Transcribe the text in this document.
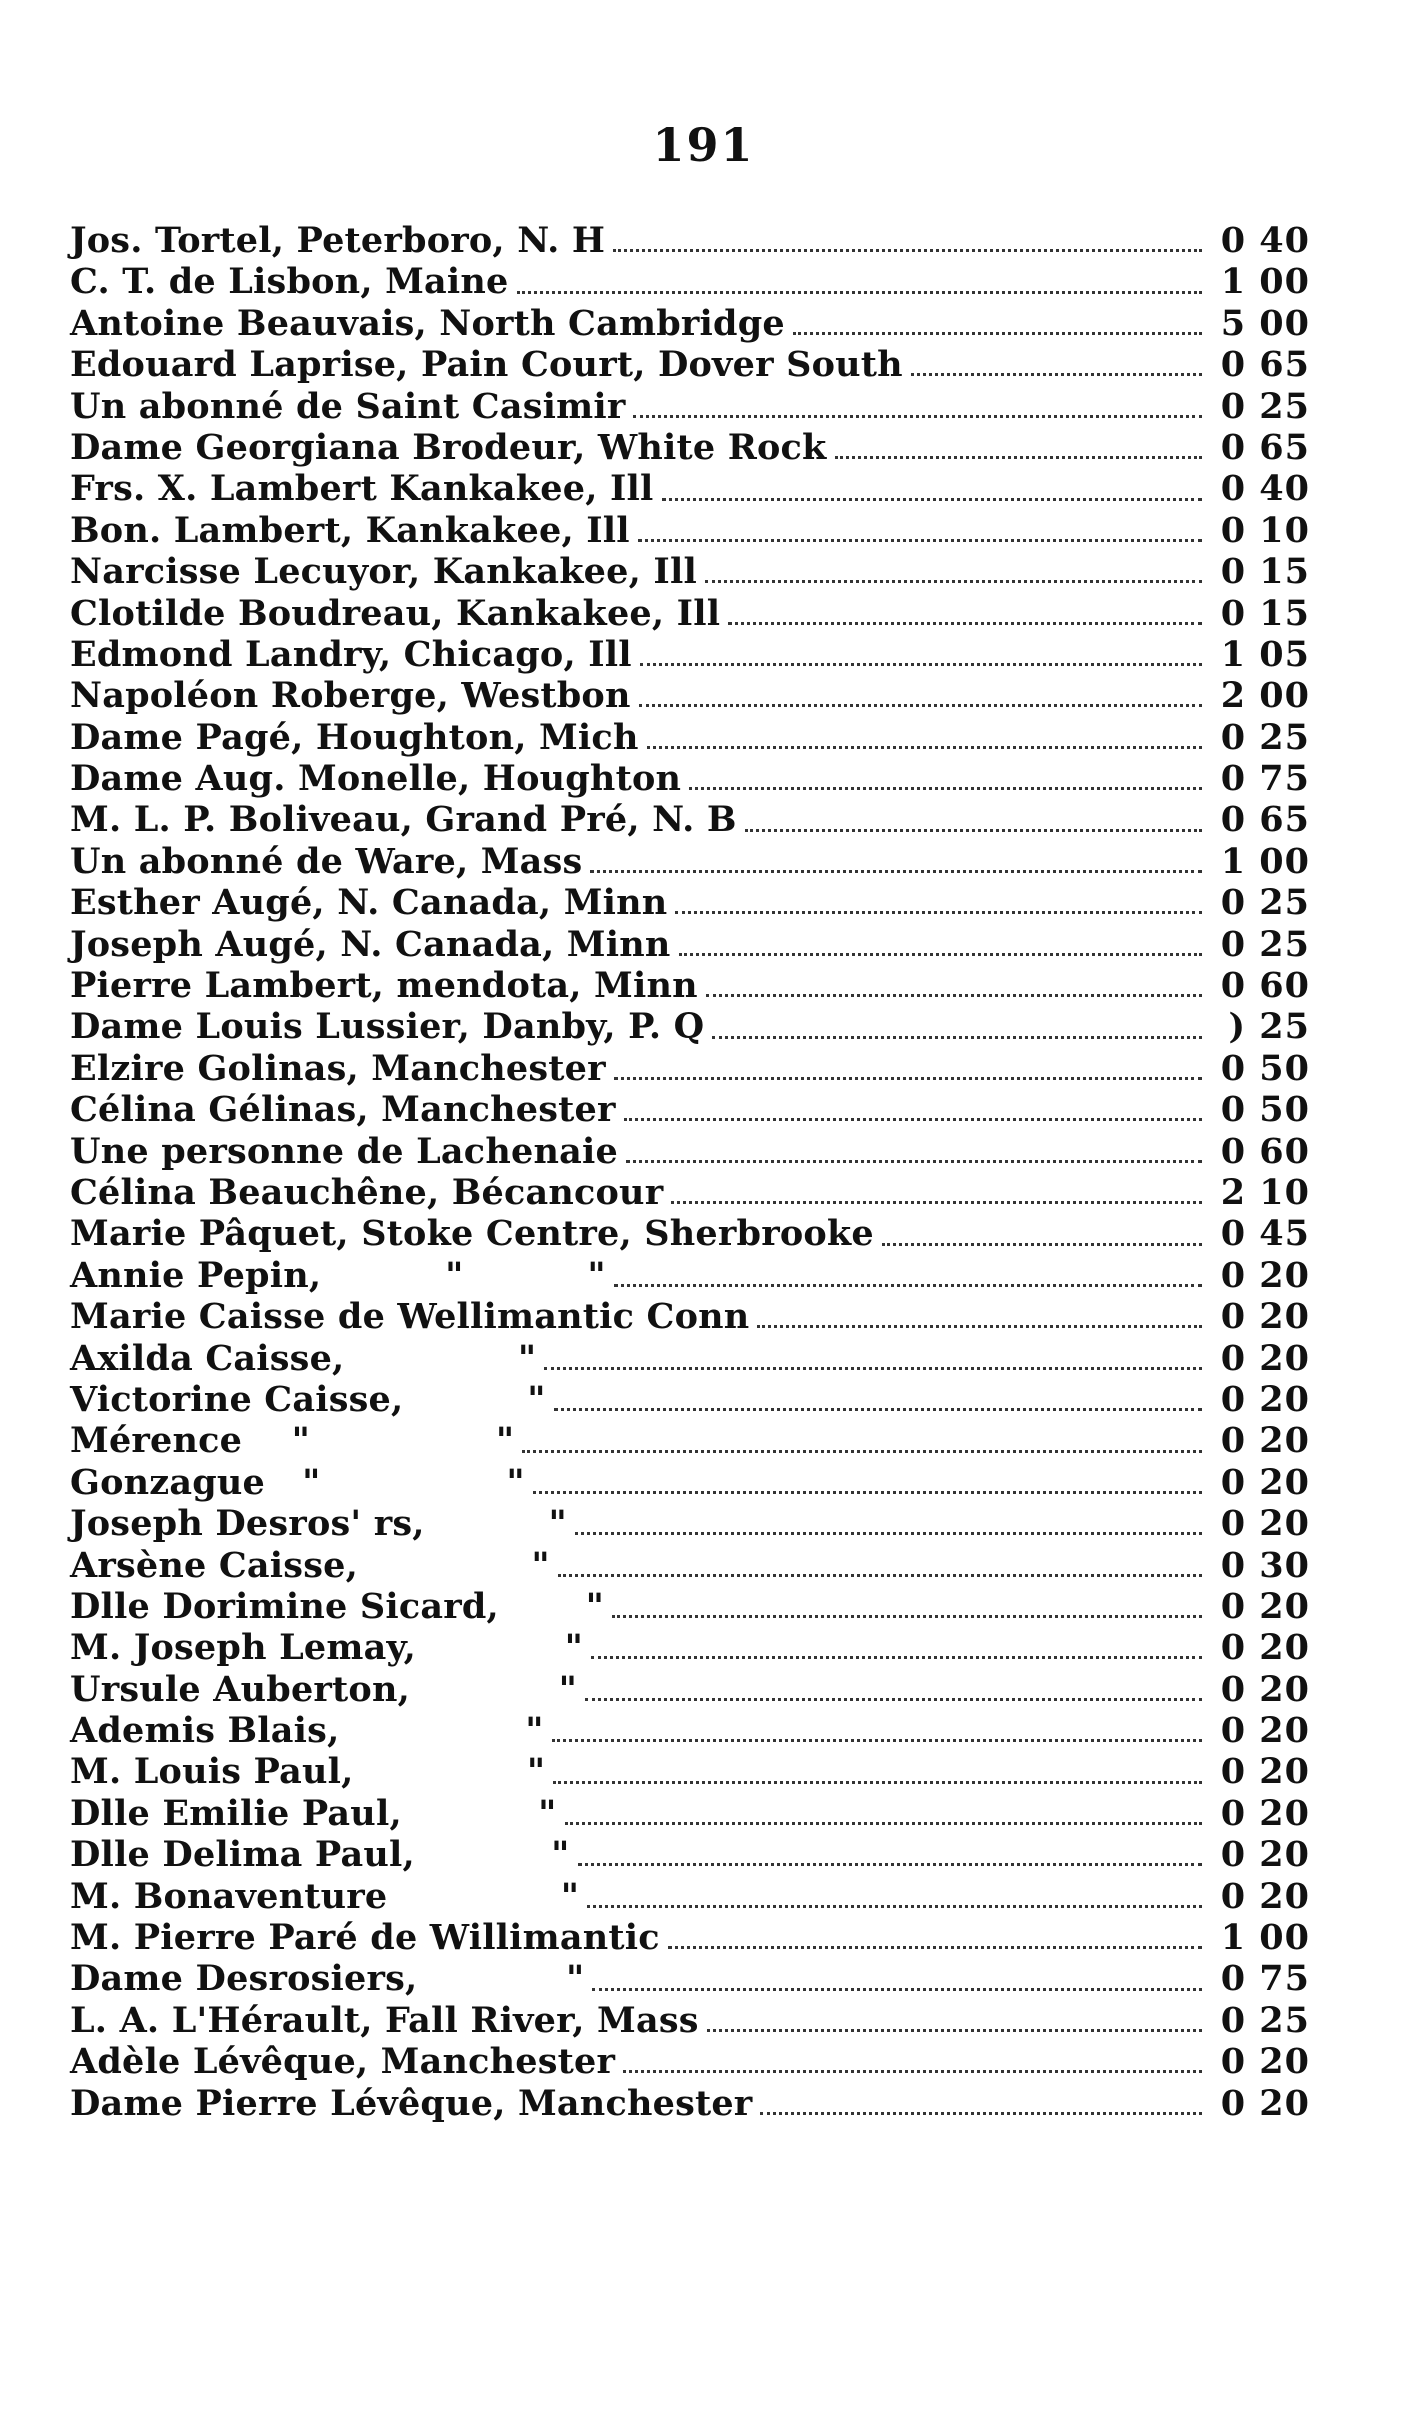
191
Jos. Tortel, Peterboro, N. H	0 40
C. T. de Lisbon, Maine	1 00
Antoine Beauvais, North Cambridge	5 00
Edouard Laprise, Pain Court, Dover South	0 65
Un abonné de Saint Casimir	0 25
Dame Georgiana Brodeur, White Rock	0 65
Frs. X. Lambert Kankakee, Ill	0 40
Bon. Lambert, Kankakee, Ill	0 10
Narcisse Lecuyor, Kankakee, Ill	0 15
Clotilde Boudreau, Kankakee, Ill	0 15
Edmond Landry, Chicago, Ill	1 05
Napoléon Roberge, Westbon	2 00
Dame Pagé, Houghton, Mich	0 25
Dame Aug. Monelle, Houghton	0 75
M. L. P. Boliveau, Grand Pré, N. B	0 65
Un abonné de Ware, Mass	1 00
Esther Augé, N. Canada, Minn	0 25
Joseph Augé, N. Canada, Minn	0 25
Pierre Lambert, mendota, Minn	0 60
Dame Louis Lussier, Danby, P. Q	) 25
Elzire Golinas, Manchester	0 50
Célina Gélinas, Manchester	0 50
Une personne de Lachenaie	0 60
Célina Beauchêne, Bécancour	2 10
Marie Pâquet, Stoke Centre, Sherbrooke	0 45
Annie Pepin,          "          "	0 20
Marie Caisse de Wellimantic Conn	0 20
Axilda Caisse,              "	0 20
Victorine Caisse,          "	0 20
Mérence    "               "	0 20
Gonzague   "               "	0 20
Joseph Desros' rs,          "	0 20
Arsène Caisse,              "	0 30
Dlle Dorimine Sicard,       "	0 20
M. Joseph Lemay,            "	0 20
Ursule Auberton,            "	0 20
Ademis Blais,               "	0 20
M. Louis Paul,              "	0 20
Dlle Emilie Paul,           "	0 20
Dlle Delima Paul,           "	0 20
M. Bonaventure              "	0 20
M. Pierre Paré de Willimantic	1 00
Dame Desrosiers,            "	0 75
L. A. L'Hérault, Fall River, Mass	0 25
Adèle Lévêque, Manchester	0 20
Dame Pierre Lévêque, Manchester	0 20
